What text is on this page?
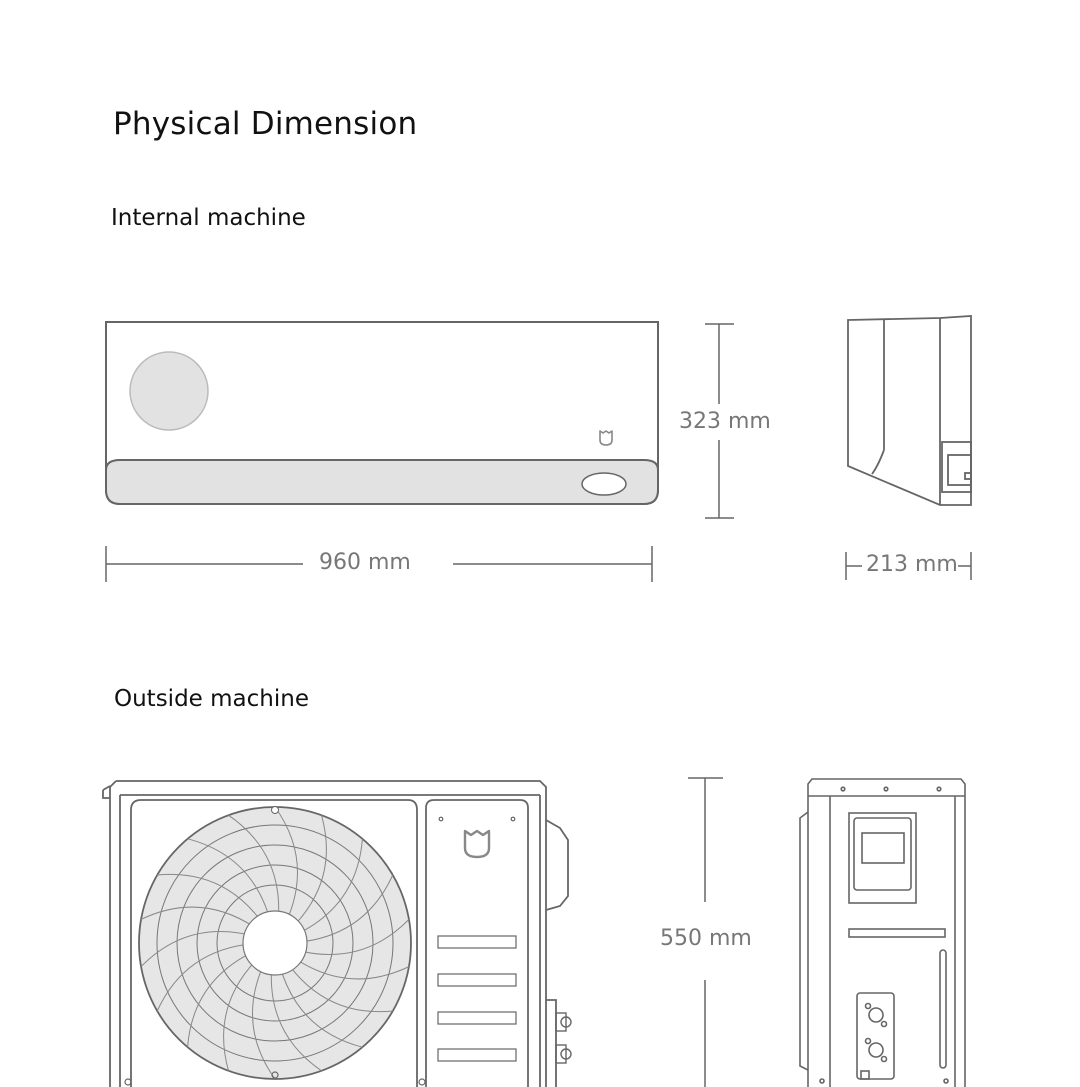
Physical Dimension
Internal machine
Outside machine
323 mm
960 mm	213 mm
550 mm
